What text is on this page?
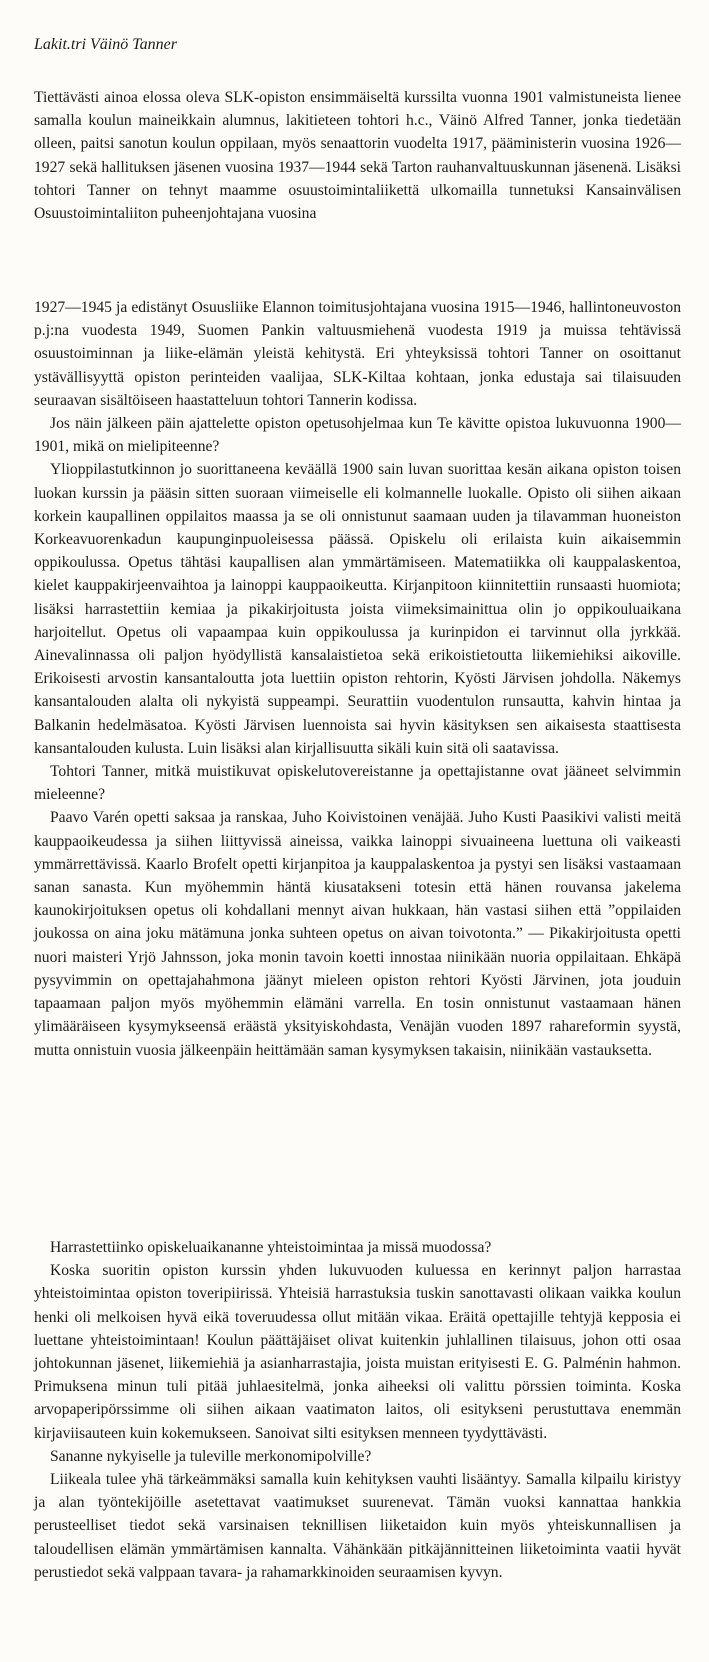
Lakit.tri Väinö Tanner

Tiettävästi ainoa elossa oleva SLK-opiston ensimmäiseltä kurssilta vuonna 1901 valmistuneista lienee samalla koulun maineikkain alumnus, lakitieteen tohtori h.c., Väinö Alfred Tanner, jonka tiedetään olleen, paitsi sanotun koulun oppilaan, myös senaattorin vuodelta 1917, pääministerin vuosina 1926—1927 sekä hallituksen jäsenen vuosina 1937—1944 sekä Tarton rauhanvaltuuskunnan jäsenenä. Lisäksi tohtori Tanner on tehnyt maamme osuustoimintaliikettä ulkomailla tunnetuksi Kansainvälisen Osuustoimintaliiton puheenjohtajana vuosina

1927—1945 ja edistänyt Osuusliike Elannon toimitusjohtajana vuosina 1915—1946, hallintoneuvoston p.j:na vuodesta 1949, Suomen Pankin valtuusmiehenä vuodesta 1919 ja muissa tehtävissä osuustoiminnan ja liike-elämän yleistä kehitystä. Eri yhteyksissä tohtori Tanner on osoittanut ystävällisyyttä opiston perinteiden vaalijaa, SLK-Kiltaa kohtaan, jonka edustaja sai tilaisuuden seuraavan sisältöiseen haastatteluun tohtori Tannerin kodissa.
Jos näin jälkeen päin ajattelette opiston opetusohjelmaa kun Te kävitte opistoa lukuvuonna 1900—1901, mikä on mielipiteenne?
Ylioppilastutkinnon jo suorittaneena keväällä 1900 sain luvan suorittaa kesän aikana opiston toisen luokan kurssin ja pääsin sitten suoraan viimeiselle eli kolmannelle luokalle. Opisto oli siihen aikaan korkein kaupallinen oppilaitos maassa ja se oli onnistunut saamaan uuden ja tilavamman huoneiston Korkeavuorenkadun kaupunginpuoleisessa päässä. Opiskelu oli erilaista kuin aikaisemmin oppikoulussa. Opetus tähtäsi kaupallisen alan ymmärtämiseen. Matematiikka oli kauppalaskentoa, kielet kauppakirjeenvaihtoa ja lainoppi kauppaoikeutta. Kirjanpitoon kiinnitettiin runsaasti huomiota; lisäksi harrastettiin kemiaa ja pikakirjoitusta joista viimeksimainittua olin jo oppikouluaikana harjoitellut. Opetus oli vapaampaa kuin oppikoulussa ja kurinpidon ei tarvinnut olla jyrkkää. Ainevalinnassa oli paljon hyödyllistä kansalaistietoa sekä erikoistietoutta liikemiehiksi aikoville. Erikoisesti arvostin kansantaloutta jota luettiin opiston rehtorin, Kyösti Järvisen johdolla. Näkemys kansantalouden alalta oli nykyistä suppeampi. Seurattiin vuodentulon runsautta, kahvin hintaa ja Balkanin hedelmäsatoa. Kyösti Järvisen luennoista sai hyvin käsityksen sen aikaisesta staattisesta kansantalouden kulusta. Luin lisäksi alan kirjallisuutta sikäli kuin sitä oli saatavissa.
Tohtori Tanner, mitkä muistikuvat opiskelutovereistanne ja opettajistanne ovat jääneet selvimmin mieleenne?
Paavo Varén opetti saksaa ja ranskaa, Juho Koivistoinen venäjää. Juho Kusti Paasikivi valisti meitä kauppaoikeudessa ja siihen liittyvissä aineissa, vaikka lainoppi sivuaineena luettuna oli vaikeasti ymmärrettävissä. Kaarlo Brofelt opetti kirjanpitoa ja kauppalaskentoa ja pystyi sen lisäksi vastaamaan sanan sanasta. Kun myöhemmin häntä kiusatakseni totesin että hänen rouvansa jakelema kaunokirjoituksen opetus oli kohdallani mennyt aivan hukkaan, hän vastasi siihen että ”oppilaiden joukossa on aina joku mätämuna jonka suhteen opetus on aivan toivotonta.” — Pikakirjoitusta opetti nuori maisteri Yrjö Jahnsson, joka monin tavoin koetti innostaa niinikään nuoria oppilaitaan. Ehkäpä pysyvimmin on opettajahahmona jäänyt mieleen opiston rehtori Kyösti Järvinen, jota jouduin tapaamaan paljon myös myöhemmin elämäni varrella. En tosin onnistunut vastaamaan hänen ylimääräiseen kysymykseensä eräästä yksityiskohdasta, Venäjän vuoden 1897 rahareformin syystä, mutta onnistuin vuosia jälkeenpäin heittämään saman kysymyksen takaisin, niinikään vastauksetta.
Harrastettiinko opiskeluaikananne yhteistoimintaa ja missä muodossa?
Koska suoritin opiston kurssin yhden lukuvuoden kuluessa en kerinnyt paljon harrastaa yhteistoimintaa opiston toveripiirissä. Yhteisiä harrastuksia tuskin sanottavasti olikaan vaikka koulun henki oli melkoisen hyvä eikä toveruudessa ollut mitään vikaa. Eräitä opettajille tehtyjä kepposia ei luettane yhteistoimintaan! Koulun päättäjäiset olivat kuitenkin juhlallinen tilaisuus, johon otti osaa johtokunnan jäsenet, liikemiehiä ja asianharrastajia, joista muistan erityisesti E. G. Palménin hahmon. Primuksena minun tuli pitää juhlaesitelmä, jonka aiheeksi oli valittu pörssien toiminta. Koska arvopaperipörssimme oli siihen aikaan vaatimaton laitos, oli esitykseni perustuttava enemmän kirjaviisauteen kuin kokemukseen. Sanoivat silti esityksen menneen tyydyttävästi.
Sananne nykyiselle ja tuleville merkonomipolville?
Liikeala tulee yhä tärkeämmäksi samalla kuin kehityksen vauhti lisääntyy. Samalla kilpailu kiristyy ja alan työntekijöille asetettavat vaatimukset suurenevat. Tämän vuoksi kannattaa hankkia perusteelliset tiedot sekä varsinaisen teknillisen liiketaidon kuin myös yhteiskunnallisen ja taloudellisen elämän ymmärtämisen kannalta. Vähänkään pitkäjännitteinen liiketoiminta vaatii hyvät perustiedot sekä valppaan tavara- ja rahamarkkinoiden seuraamisen kyvyn.
